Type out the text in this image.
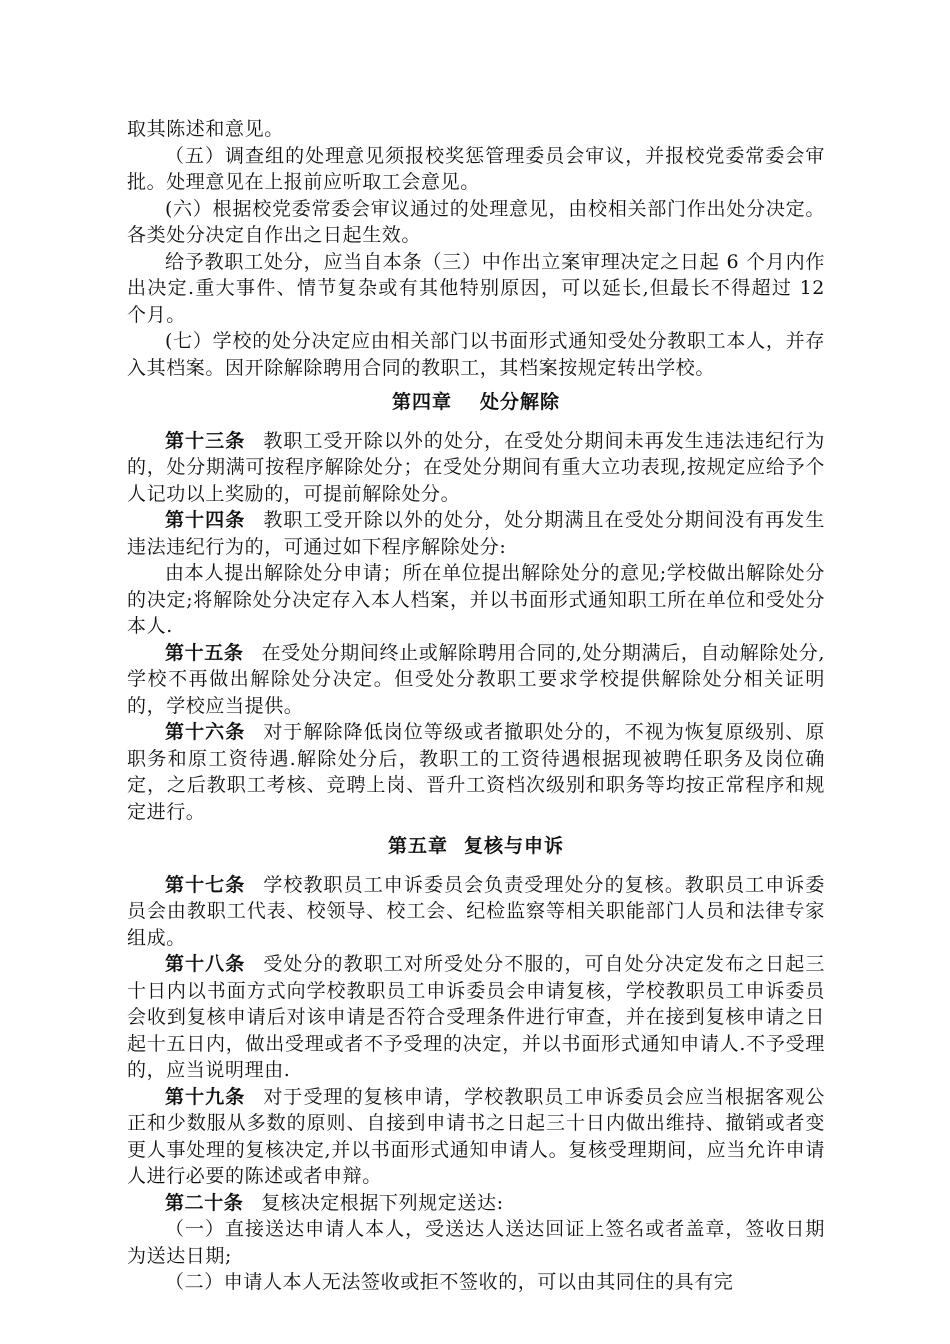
取其陈述和意见。

（五）调查组的处理意见须报校奖惩管理委员会审议，并报校党委常委会审批。处理意见在上报前应听取工会意见。

(六）根据校党委常委会审议通过的处理意见，由校相关部门作出处分决定。各类处分决定自作出之日起生效。

给予教职工处分，应当自本条（三）中作出立案审理决定之日起 6 个月内作出决定.重大事件、情节复杂或有其他特别原因，可以延长,但最长不得超过 12 个月。

(七）学校的处分决定应由相关部门以书面形式通知受处分教职工本人，并存入其档案。因开除解除聘用合同的教职工，其档案按规定转出学校。

第四章 处分解除

第十三条 教职工受开除以外的处分，在受处分期间未再发生违法违纪行为的，处分期满可按程序解除处分；在受处分期间有重大立功表现,按规定应给予个人记功以上奖励的，可提前解除处分。

第十四条 教职工受开除以外的处分，处分期满且在受处分期间没有再发生违法违纪行为的，可通过如下程序解除处分:

由本人提出解除处分申请；所在单位提出解除处分的意见;学校做出解除处分的决定;将解除处分决定存入本人档案，并以书面形式通知职工所在单位和受处分本人.

第十五条 在受处分期间终止或解除聘用合同的,处分期满后，自动解除处分,学校不再做出解除处分决定。但受处分教职工要求学校提供解除处分相关证明的，学校应当提供。

第十六条 对于解除降低岗位等级或者撤职处分的，不视为恢复原级别、原职务和原工资待遇.解除处分后，教职工的工资待遇根据现被聘任职务及岗位确定，之后教职工考核、竞聘上岗、晋升工资档次级别和职务等均按正常程序和规定进行。

第五章 复核与申诉

第十七条 学校教职员工申诉委员会负责受理处分的复核。教职员工申诉委员会由教职工代表、校领导、校工会、纪检监察等相关职能部门人员和法律专家组成。

第十八条 受处分的教职工对所受处分不服的，可自处分决定发布之日起三十日内以书面方式向学校教职员工申诉委员会申请复核，学校教职员工申诉委员会收到复核申请后对该申请是否符合受理条件进行审查，并在接到复核申请之日起十五日内，做出受理或者不予受理的决定，并以书面形式通知申请人.不予受理的，应当说明理由.

第十九条 对于受理的复核申请，学校教职员工申诉委员会应当根据客观公正和少数服从多数的原则、自接到申请书之日起三十日内做出维持、撤销或者变更人事处理的复核决定,并以书面形式通知申请人。复核受理期间，应当允许申请人进行必要的陈述或者申辩。

第二十条 复核决定根据下列规定送达:

（一）直接送达申请人本人，受送达人送达回证上签名或者盖章，签收日期为送达日期;

（二）申请人本人无法签收或拒不签收的，可以由其同住的具有完
